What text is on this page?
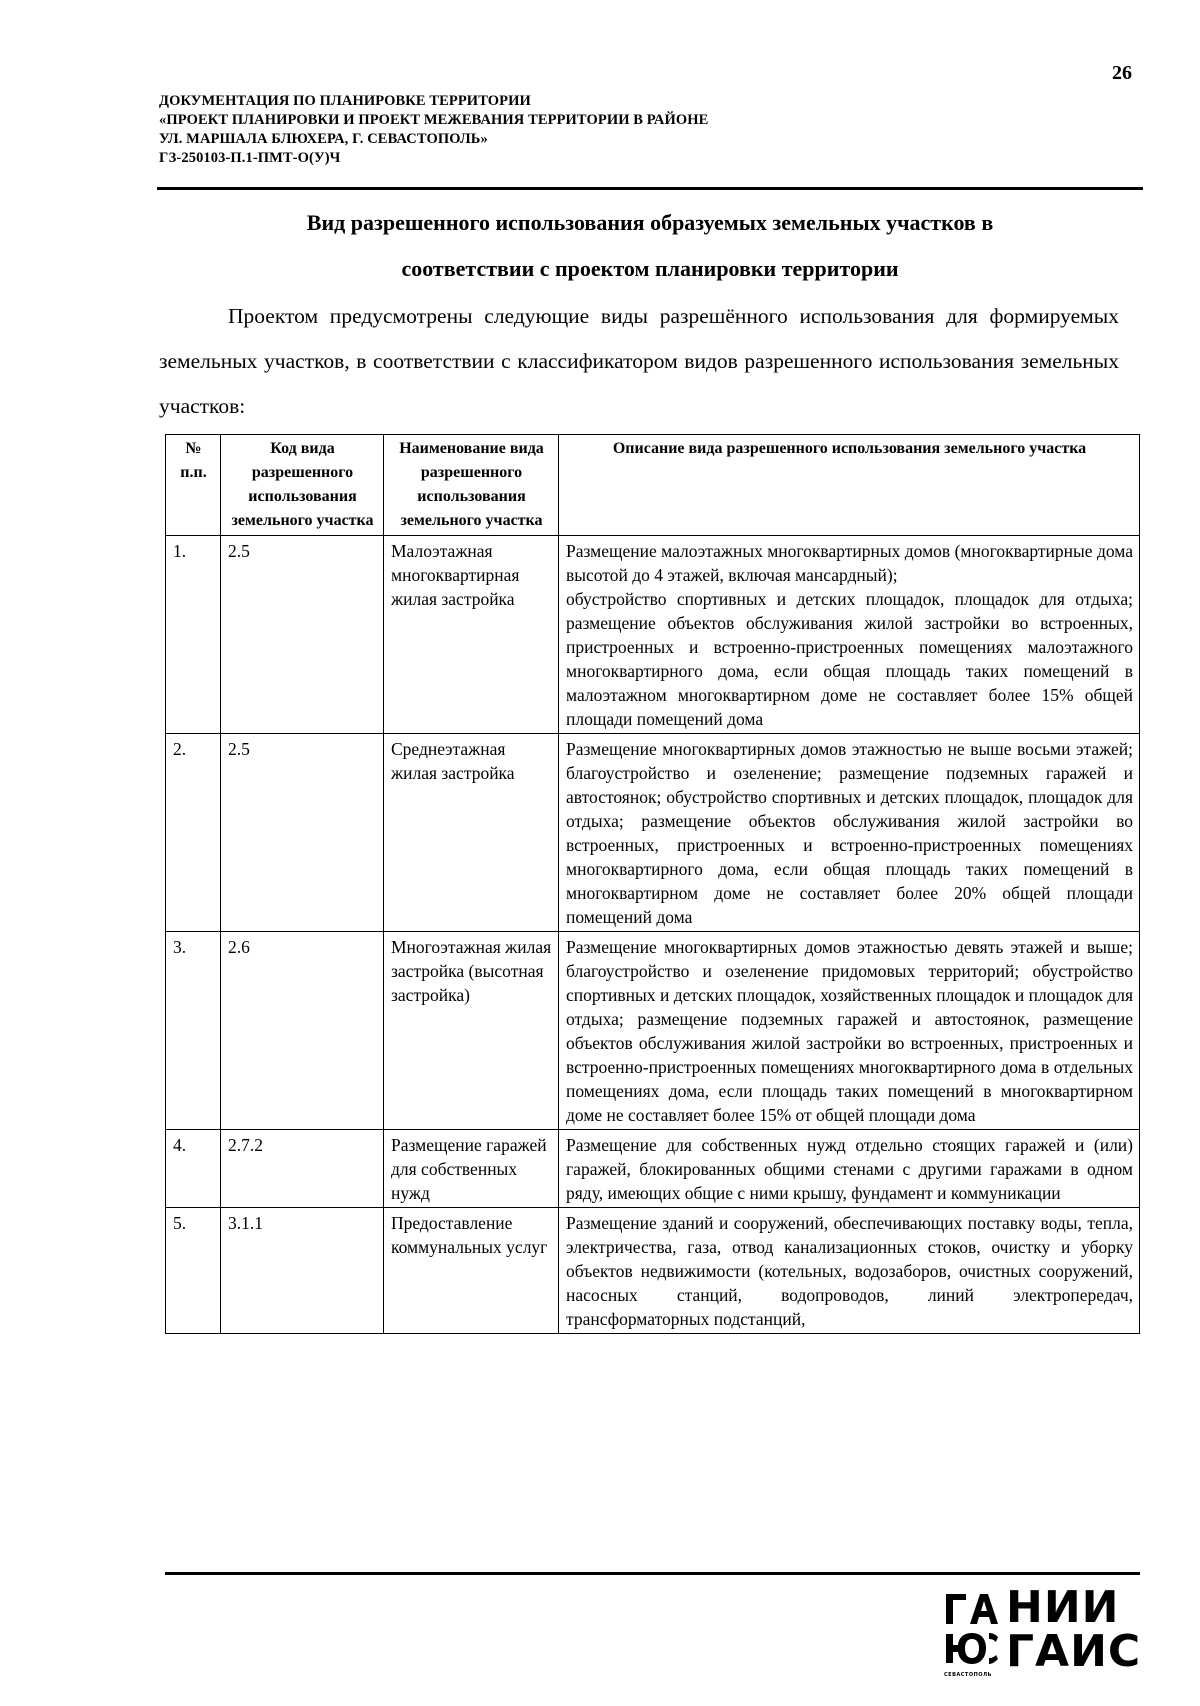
26
ДОКУМЕНТАЦИЯ ПО ПЛАНИРОВКЕ ТЕРРИТОРИИ
«ПРОЕКТ ПЛАНИРОВКИ И ПРОЕКТ МЕЖЕВАНИЯ ТЕРРИТОРИИ В РАЙОНЕ
УЛ. МАРШАЛА БЛЮХЕРА, Г. СЕВАСТОПОЛЬ»
ГЗ-250103-П.1-ПМТ-О(У)Ч
Вид разрешенного использования образуемых земельных участков в
соответствии с проектом планировки территории
Проектом предусмотрены следующие виды разрешённого использования для формируемых земельных участков, в соответствии с классификатором видов разрешенного использования земельных участков:
№ п.п.	Код вида разрешенного использования земельного участка	Наименование вида разрешенного использования земельного участка	Описание вида разрешенного использования земельного участка
1.	2.5	Малоэтажная многоквартирная жилая застройка	Размещение малоэтажных многоквартирных домов (многоквартирные дома высотой до 4 этажей, включая мансардный);
обустройство спортивных и детских площадок, площадок для отдыха; размещение объектов обслуживания жилой застройки во встроенных, пристроенных и встроенно-пристроенных помещениях малоэтажного многоквартирного дома, если общая площадь таких помещений в малоэтажном многоквартирном доме не составляет более 15% общей площади помещений дома

2.	2.5	Среднеэтажная жилая застройка	Размещение многоквартирных домов этажностью не выше восьми этажей; благоустройство и озеленение; размещение подземных гаражей и автостоянок; обустройство спортивных и детских площадок, площадок для отдыха; размещение объектов обслуживания жилой застройки во встроенных, пристроенных и встроенно-пристроенных помещениях многоквартирного дома, если общая площадь таких помещений в многоквартирном доме не составляет более 20% общей площади помещений дома
3.	2.6	Многоэтажная жилая застройка (высотная застройка)	Размещение многоквартирных домов этажностью девять этажей и выше; благоустройство и озеленение придомовых территорий; обустройство спортивных и детских площадок, хозяйственных площадок и площадок для отдыха; размещение подземных гаражей и автостоянок, размещение объектов обслуживания жилой застройки во встроенных, пристроенных и встроенно-пристроенных помещениях многоквартирного дома в отдельных помещениях дома, если площадь таких помещений в многоквартирном доме не составляет более 15% от общей площади дома
4.	2.7.2	Размещение гаражей для собственных нужд	Размещение для собственных нужд отдельно стоящих гаражей и (или) гаражей, блокированных общими стенами с другими гаражами в одном ряду, имеющих общие с ними крышу, фундамент и коммуникации
5.	3.1.1	Предоставление коммунальных услуг	Размещение зданий и сооружений, обеспечивающих поставку воды, тепла, электричества, газа, отвод канализационных стоков, очистку и уборку объектов недвижимости (котельных, водозаборов, очистных сооружений, насосных станций, водопроводов, линий электропередач, трансформаторных подстанций,
НИИ
ГАИС
СЕВАСТОПОЛЬ
